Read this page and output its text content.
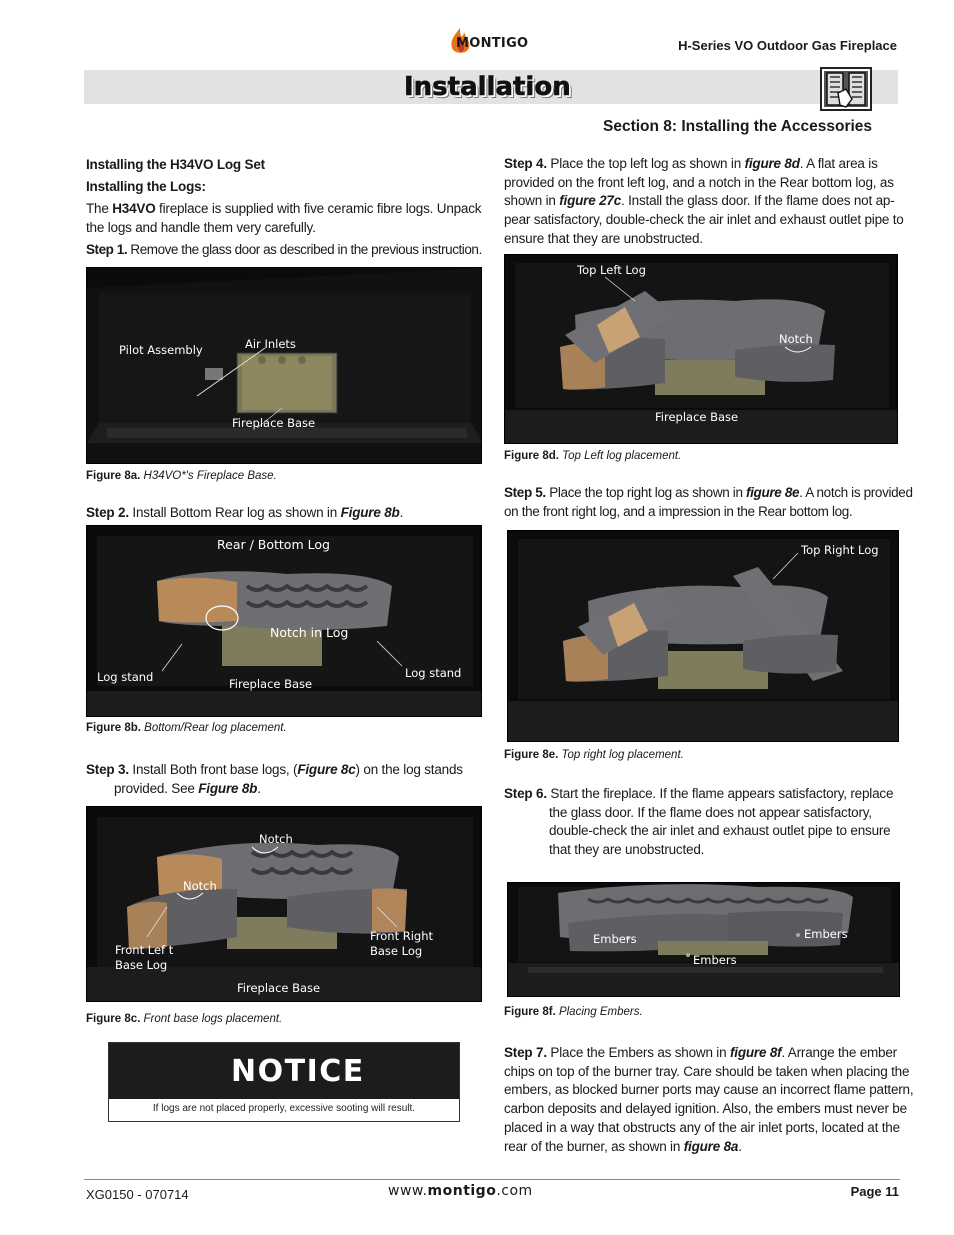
MONTIGO	H-Series VO Outdoor Gas Fireplace
Installation
Section 8: Installing the Accessories
Installing the H34VO Log Set
Installing the Logs:
The H34VO fireplace is supplied with five ceramic fibre logs. Unpack
the logs and handle them very carefully.
Step 1. Remove the glass door as described in the previous instruction.
Pilot Assembly	Air Inlets
Fireplace Base
Figure 8a. H34VO*'s Fireplace Base.
Step 2. Install Bottom Rear log as shown in Figure 8b.
Rear / Bottom Log
Notch in Log
Log stand	Log stand
Fireplace Base
Figure 8b. Bottom/Rear log placement.
Step 3. Install Both front base logs, (Figure 8c) on the log stands
provided. See Figure 8b.
Notch
Notch
Front Lef t
Base Log
Front Right
Base Log
Fireplace Base
Figure 8c. Front base logs placement.
NOTICE
If logs are not placed properly, excessive sooting will result.
Step 4. Place the top left log as shown in figure 8d. A flat area is
provided on the front left log, and a notch in the Rear bottom log, as
shown in figure 27c. Install the glass door. If the flame does not ap-
pear satisfactory, double-check the air inlet and exhaust outlet pipe to
ensure that they are unobstructed.
Top Left Log
Notch
Fireplace Base
Figure 8d. Top Left log placement.
Step 5. Place the top right log as shown in figure 8e. A notch is provided
on the front right log, and a impression in the Rear bottom log.
Top Right Log
Figure 8e. Top right log placement.
Step 6. Start the fireplace. If the flame appears satisfactory, replace
the glass door. If the flame does not appear satisfactory,
double-check the air inlet and exhaust outlet pipe to ensure
that they are unobstructed.
Embers	Embers
Embers
Figure 8f. Placing Embers.
Step 7. Place the Embers as shown in figure 8f. Arrange the ember
chips on top of the burner tray. Care should be taken when placing the
embers, as blocked burner ports may cause an incorrect flame pattern,
carbon deposits and delayed ignition. Also, the embers must never be
placed in a way that obstructs any of the air inlet ports, located at the
rear of the burner, as shown in figure 8a.
XG0150 - 070714	www.montigo.com	Page 11
